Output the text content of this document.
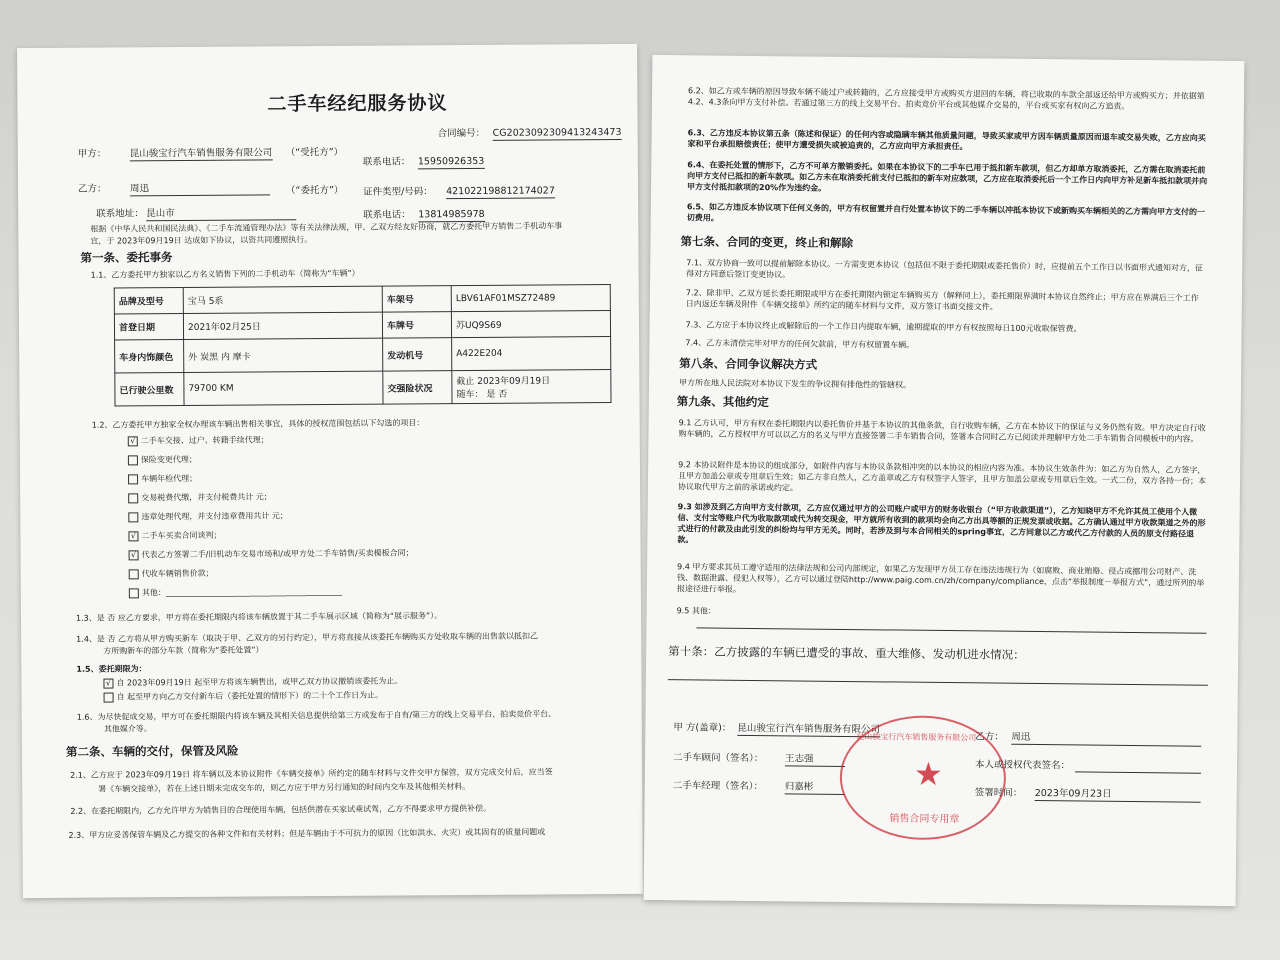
二手车经纪服务协议
合同编号： CG2023092309413243473
甲方： 昆山骏宝行汽车销售服务有限公司 （“受托方”）
联系电话： 15950926353
乙方： 周迅	（“委托方”） 证件类型/号码： 421022198812174027
联系地址： 昆山市	联系电话： 13814985978
根据《中华人民共和国民法典》、《二手车流通管理办法》等有关法律法规，甲、乙双方经友好协商，就乙方委托甲方销售二手机动车事
宜，于 2023年09月19日 达成如下协议，以资共同遵照执行。
第一条、委托事务
1.1、乙方委托甲方独家以乙方名义销售下列的二手机动车（简称为“车辆”）
品牌及型号	宝马 5系	车架号	LBV61AF01MSZ72489
首登日期	2021年02月25日	车牌号	苏UQ9S69
车身内饰颜色	外 炭黑 内 摩卡	发动机号	A422E204
已行驶公里数	79700 KM	交强险状况	截止 2023年09月19日
随车： 是 否
1.2、乙方委托甲方独家全权办理该车辆出售相关事宜，具体的授权范围包括以下勾选的项目：
√ 二手车交接、过户、转籍手续代理；
保险变更代理；
车辆年检代理；
交易税费代缴，并支付税费共计 元；
违章处理代理，并支付违章费用共计 元；
√ 二手车买卖合同谈判；
√ 代表乙方签署二手/旧机动车交易市场和/或甲方处二手车销售/买卖模板合同；
代收车辆销售价款；
其他：____________________________________________
1.3、是 否 应乙方要求，甲方将在委托期限内将该车辆放置于其二手车展示区域（简称为“展示服务”）。
1.4、是 否 乙方将从甲方购买新车（取决于甲、乙双方的另行约定），甲方将直接从该委托车辆购买方处收取车辆的出售款以抵扣乙
方所购新车的部分车款（简称为“委托处置”）
1.5、委托期限为：
√ 自 2023年09月19日 起至甲方将该车辆售出，或甲乙双方协议撤销该委托为止。
自 起至甲方向乙方交付新车后（委托处置的情形下）的二十个工作日为止。
1.6、为尽快促成交易，甲方可在委托期限内将该车辆及其相关信息提供给第三方或发布于自有/第三方的线上交易平台、拍卖竞价平台、
其他媒介等。
第二条、车辆的交付，保管及风险
2.1、乙方应于 2023年09月19日 将车辆以及本协议附件《车辆交接单》所约定的随车材料与文件交甲方保管，双方完成交付后，应当签
署《车辆交接单》，若在上述日期未完成交车的，则乙方应于甲方另行通知的时间内交车及其他相关材料。
2.2、在委托期限内，乙方允许甲方为销售目的合理使用车辆，包括供潜在买家试乘试驾，乙方不得要求甲方提供补偿。
2.3、甲方应妥善保管车辆及乙方提交的各种文件和有关材料；但是车辆由于不可抗力的原因（比如洪水、火灾）或其固有的质量问题或
6.2、如乙方或车辆的原因导致车辆不能过户或转籍的，乙方应接受甲方或购买方退回的车辆，将已收取的车款全部返还给甲方或购买方；并依据第4.2、4.3条向甲方支付补偿。若通过第三方的线上交易平台、拍卖竞价平台或其他媒介交易的，平台或买家有权向乙方追责。
6.3、乙方违反本协议第五条（陈述和保证）的任何内容或隐瞒车辆其他质量问题，导致买家或甲方因车辆质量原因而退车或交易失败，乙方应向买家和平台承担赔偿责任；使甲方遭受损失或被追责的，乙方应向甲方承担责任。
6.4、在委托处置的情形下，乙方不可单方撤销委托。如果在本协议下的二手车已用于抵扣新车款项，但乙方却单方取消委托，乙方需在取消委托前向甲方支付已抵扣的新车款项。如乙方未在取消委托前支付已抵扣的新车对应款项，乙方应在取消委托后一个工作日内向甲方补足新车抵扣款项并向甲方支付抵扣款项的20%作为违约金。
6.5、如乙方违反本协议项下任何义务的，甲方有权留置并自行处置本协议下的二手车辆以冲抵本协议下或新购买车辆相关的乙方需向甲方支付的一切费用。
第七条、合同的变更，终止和解除
7.1、双方协商一致可以提前解除本协议。一方需变更本协议（包括但不限于委托期限或委托售价）时，应提前五个工作日以书面形式通知对方，征得对方同意后签订变更协议。
7.2、除非甲、乙双方延长委托期限或甲方在委托期限内锁定车辆购买方（解释同上），委托期限界满时本协议自然终止；甲方应在界满后三个工作日内返还车辆及附件《车辆交接单》所约定的随车材料与文件，双方签订书面交接文件。
7.3、乙方应于本协议终止或解除后的一个工作日内提取车辆，逾期提取的甲方有权按照每日100元收取保管费。
7.4、乙方未清偿完毕对甲方的任何欠款前，甲方有权留置车辆。
第八条、合同争议解决方式
甲方所在地人民法院对本协议下发生的争议拥有排他性的管辖权。
第九条、其他约定
9.1 乙方认可，甲方有权在委托期限内以委托售价并基于本协议的其他条款，自行收购车辆，乙方在本协议下的保证与义务仍然有效。甲方决定自行收购车辆的，乙方授权甲方可以以乙方的名义与甲方直接签署二手车销售合同，签署本合同时乙方已阅读并理解甲方处二手车销售合同模板中的内容。
9.2 本协议附件是本协议的组成部分，如附件内容与本协议条款相冲突的以本协议的相应内容为准。本协议生效条件为：如乙方为自然人，乙方签字，且甲方加盖公章或专用章后生效；如乙方非自然人，乙方盖章或乙方有权签字人签字，且甲方加盖公章或专用章后生效。一式二份，双方各持一份；本协议取代甲方之前的承诺或约定。
9.3 如涉及到乙方向甲方支付款项，乙方应仅通过甲方的公司账户或甲方的财务收银台（“甲方收款渠道”），乙方知晓甲方不允许其员工使用个人微信、支付宝等账户代为收取款项或代为转交现金，甲方就所有收到的款项均会向乙方出具等额的正规发票或收据。乙方确认通过甲方收款渠道之外的形式进行的付款及由此引发的纠纷均与甲方无关。同时，若涉及到与本合同相关的spring事宜，乙方同意以乙方或代乙方付款的人员的原支付路径退款。
9.4 甲方要求其员工遵守适用的法律法规和公司内部规定，如果乙方发现甲方员工存在违法违规行为（如腐败、商业贿赂、侵占或挪用公司财产、洗钱、数据泄露、侵犯人权等），乙方可以通过登陆http://www.paig.com.cn/zh/company/compliance，点击“举报制度－举报方式”，通过所列的举报途径进行举报。
9.5 其他：
第十条：乙方披露的车辆已遭受的事故、重大维修、发动机进水情况：
甲 方(盖章)： 昆山骏宝行汽车销售服务有限公司
二手车顾问（签名）： 王志强
二手车经理（签名）： 归嘉彬
昆山骏宝行汽车销售服务有限公司
★
销售合同专用章
乙方： 周迅
本人或授权代表签名：
签署时间： 2023年09月23日
